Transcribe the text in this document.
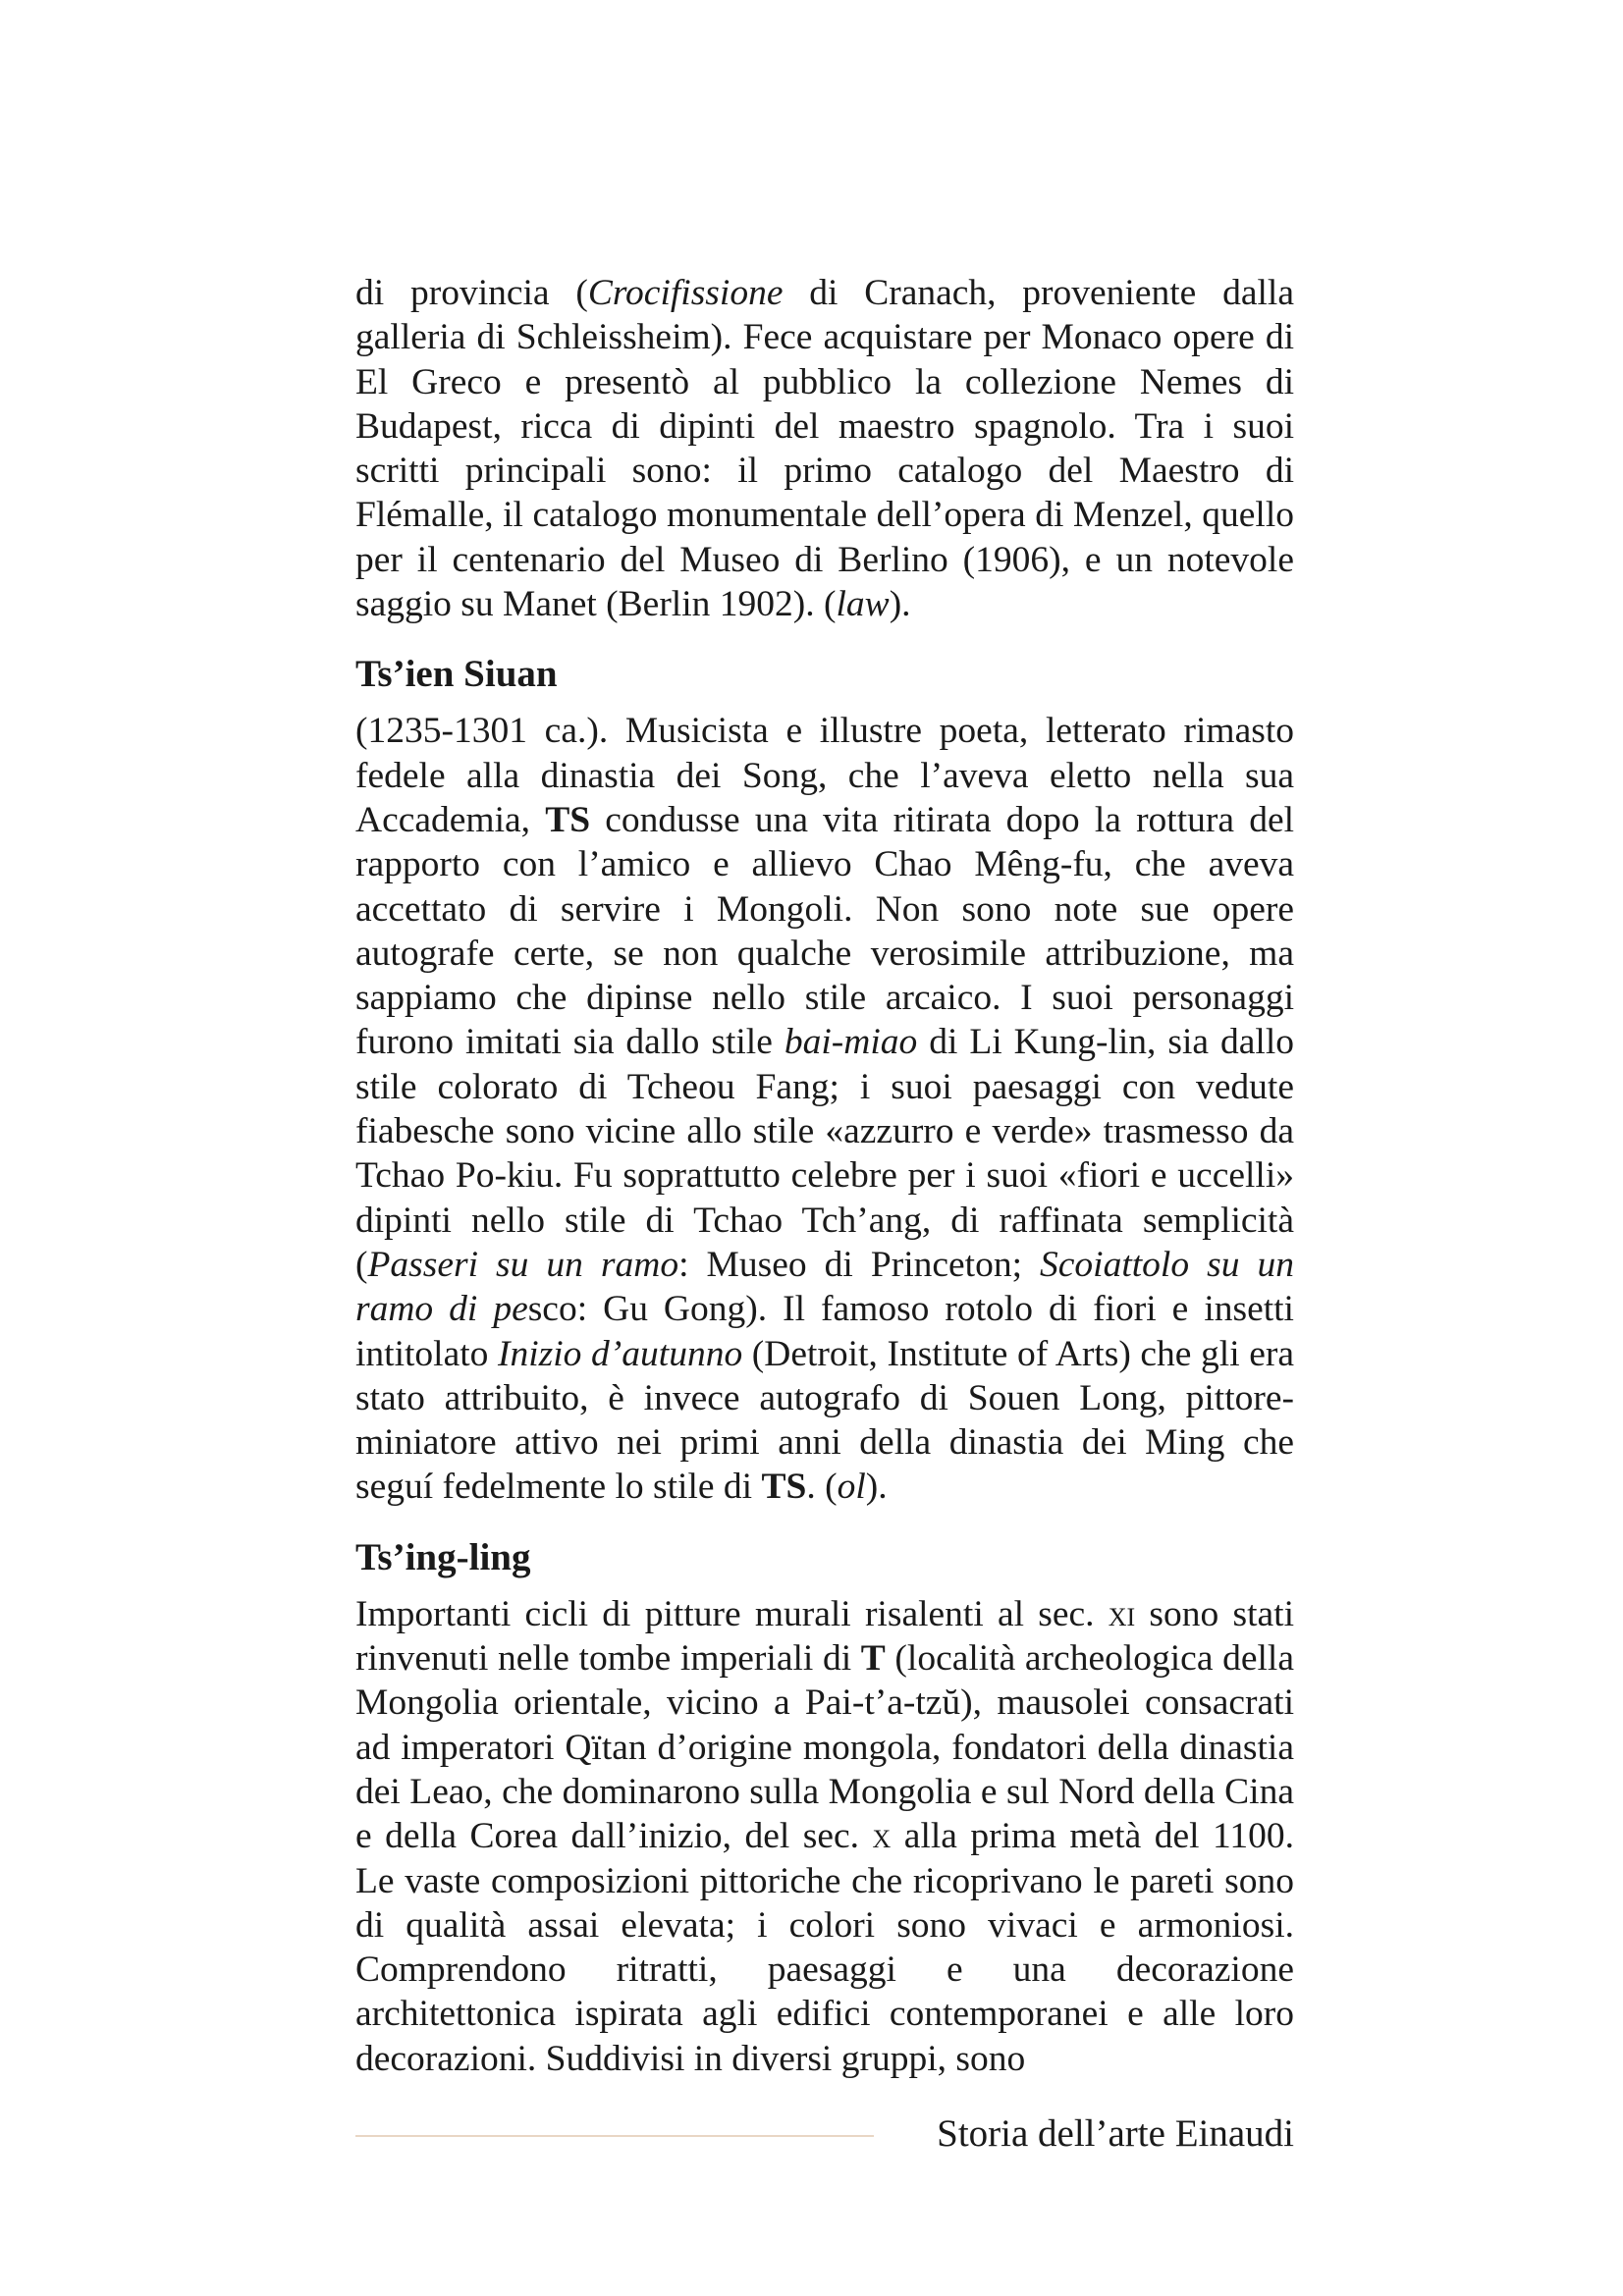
di provincia (Crocifissione di Cranach, proveniente dalla galleria di Schleissheim). Fece acquistare per Monaco opere di El Greco e presentò al pubblico la collezione Nemes di Budapest, ricca di dipinti del maestro spagnolo. Tra i suoi scritti principali sono: il primo catalogo del Maestro di Flémalle, il catalogo monumentale dell’opera di Menzel, quello per il centenario del Museo di Berlino (1906), e un notevole saggio su Manet (Berlin 1902). (law).

Ts’ien Siuan

(1235-1301 ca.). Musicista e illustre poeta, letterato rimasto fedele alla dinastia dei Song, che l’aveva eletto nella sua Accademia, TS condusse una vita ritirata dopo la rottura del rapporto con l’amico e allievo Chao Mêng-fu, che aveva accettato di servire i Mongoli. Non sono note sue opere autografe certe, se non qualche verosimile attribuzione, ma sappiamo che dipinse nello stile arcaico. I suoi personaggi furono imitati sia dallo stile bai-miao di Li Kung-lin, sia dallo stile colorato di Tcheou Fang; i suoi paesaggi con vedute fiabesche sono vicine allo stile «azzurro e verde» trasmesso da Tchao Po-kiu. Fu soprattutto celebre per i suoi «fiori e uccelli» dipinti nello stile di Tchao Tch’ang, di raffinata semplicità (Passeri su un ramo: Museo di Princeton; Scoiattolo su un ramo di pesco: Gu Gong). Il famoso rotolo di fiori e insetti intitolato Inizio d’autunno (Detroit, Institute of Arts) che gli era stato attribuito, è invece autografo di Souen Long, pittore-miniatore attivo nei primi anni della dinastia dei Ming che seguí fedelmente lo stile di TS. (ol).

Ts’ing-ling

Importanti cicli di pitture murali risalenti al sec. xi sono stati rinvenuti nelle tombe imperiali di T (località archeologica della Mongolia orientale, vicino a Pai-t’a-tzŭ), mausolei consacrati ad imperatori Qïtan d’origine mongola, fondatori della dinastia dei Leao, che dominarono sulla Mongolia e sul Nord della Cina e della Corea dall’inizio, del sec. x alla prima metà del 1100. Le vaste composizioni pittoriche che ricoprivano le pareti sono di qualità assai elevata; i colori sono vivaci e armoniosi. Comprendono ritratti, paesaggi e una decorazione architettonica ispirata agli edifici contemporanei e alle loro decorazioni. Suddivisi in diversi gruppi, sono

Storia dell’arte Einaudi
